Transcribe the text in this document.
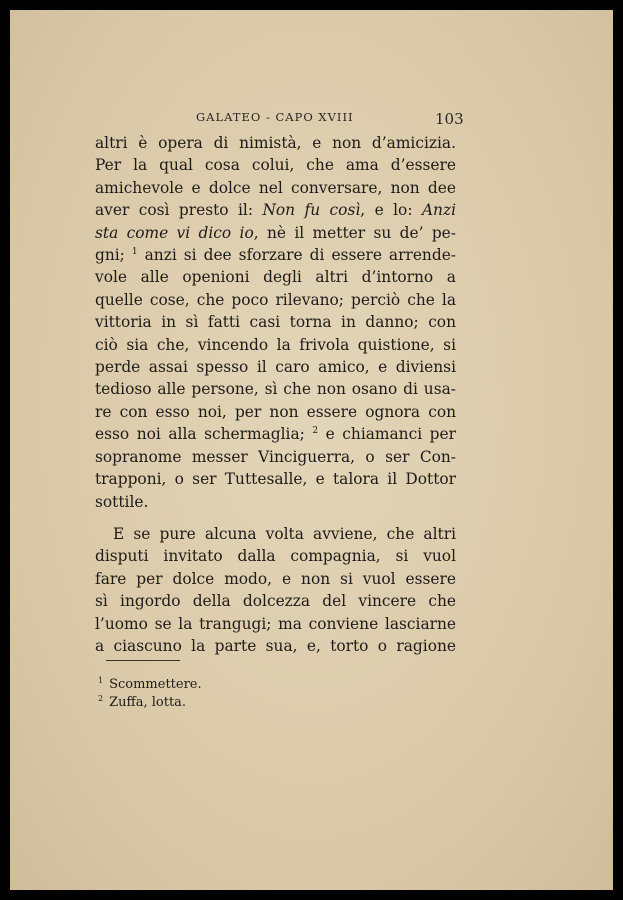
GALATEO - CAPO XVIII	103
altri è opera di nimistà, e non d’amicizia.
Per la qual cosa colui, che ama d’essere
amichevole e dolce nel conversare, non dee
aver così presto il: Non fu così, e lo: Anzi
sta come vi dico io, nè il metter su de’ pe-
gni; $^1$ anzi si dee sforzare di essere arrende-
vole alle openioni degli altri d’intorno a
quelle cose, che poco rilevano; perciò che la
vittoria in sì fatti casi torna in danno; con
ciò sia che, vincendo la frivola quistione, si
perde assai spesso il caro amico, e diviensi
tedioso alle persone, sì che non osano di usa-
re con esso noi, per non essere ognora con
esso noi alla schermaglia; $^2$ e chiamanci per
sopranome messer Vinciguerra, o ser Con-
trapponi, o ser Tuttesalle, e talora il Dottor
sottile.
E se pure alcuna volta avviene, che altri
disputi invitato dalla compagnia, si vuol
fare per dolce modo, e non si vuol essere
sì ingordo della dolcezza del vincere che
l’uomo se la trangugi; ma conviene lasciarne
a ciascuno la parte sua, e, torto o ragione
$^1$ Scommettere.
$^2$ Zuffa, lotta.
